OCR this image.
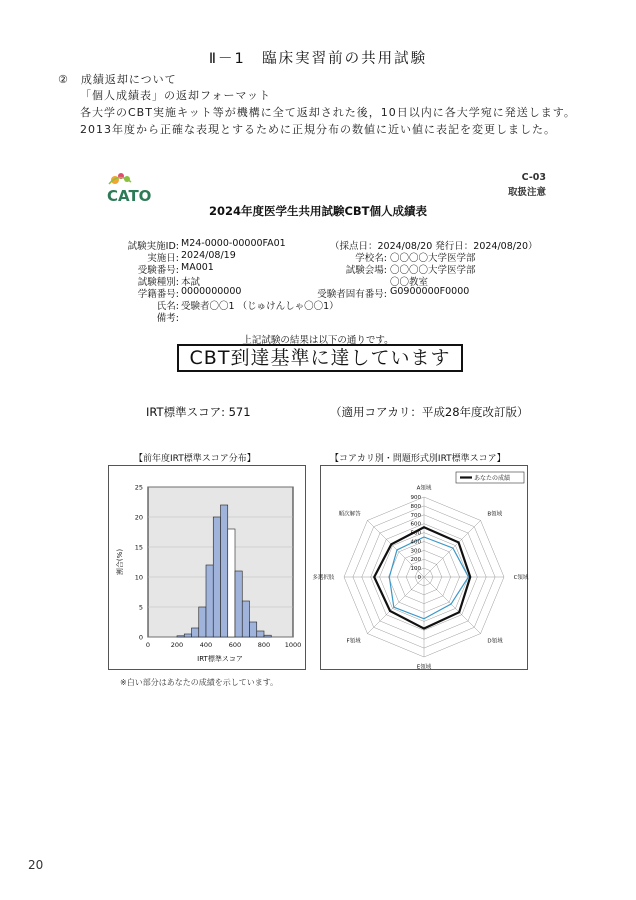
Ⅱ－1　臨床実習前の共用試験
②　成績返却について
「個人成績表」の返却フォーマット
各大学のCBT実施キット等が機構に全て返却された後，10日以内に各大学宛に発送します。
2013年度から正確な表現とするために正規分布の数値に近い値に表記を変更しました。
CATO
C-03
取扱注意
2024年度医学生共用試験CBT個人成績表
試験実施ID: M24-0000-00000FA01	（採点日：2024/08/20 発行日：2024/08/20）
実施日: 2024/08/19	学校名: 〇〇〇〇大学医学部
受験番号: MA001	試験会場: 〇〇〇〇大学医学部
試験種別: 本試	〇〇教室
学籍番号: 0000000000	受験者固有番号: G0900000F0000
氏名: 受験者〇〇1 （じゅけんしゃ〇〇1）
備考:
上記試験の結果は以下の通りです。
CBT到達基準に達しています
IRT標準スコア: 571	（適用コアカリ：平成28年度改訂版）
【前年度IRT標準スコア分布】	【コアカリ別・問題形式別IRT標準スコア】
0	200	400	600	800 1000
0
5
10
15
20
25
IRT標準スコア
割合(%)
あなたの成績
0
100
200
300
400
500
600
700
800
900
A領域
B領域
C領域
D領域
E領域
F領域
多選択肢
順次解答
※白い部分はあなたの成績を示しています。
20
